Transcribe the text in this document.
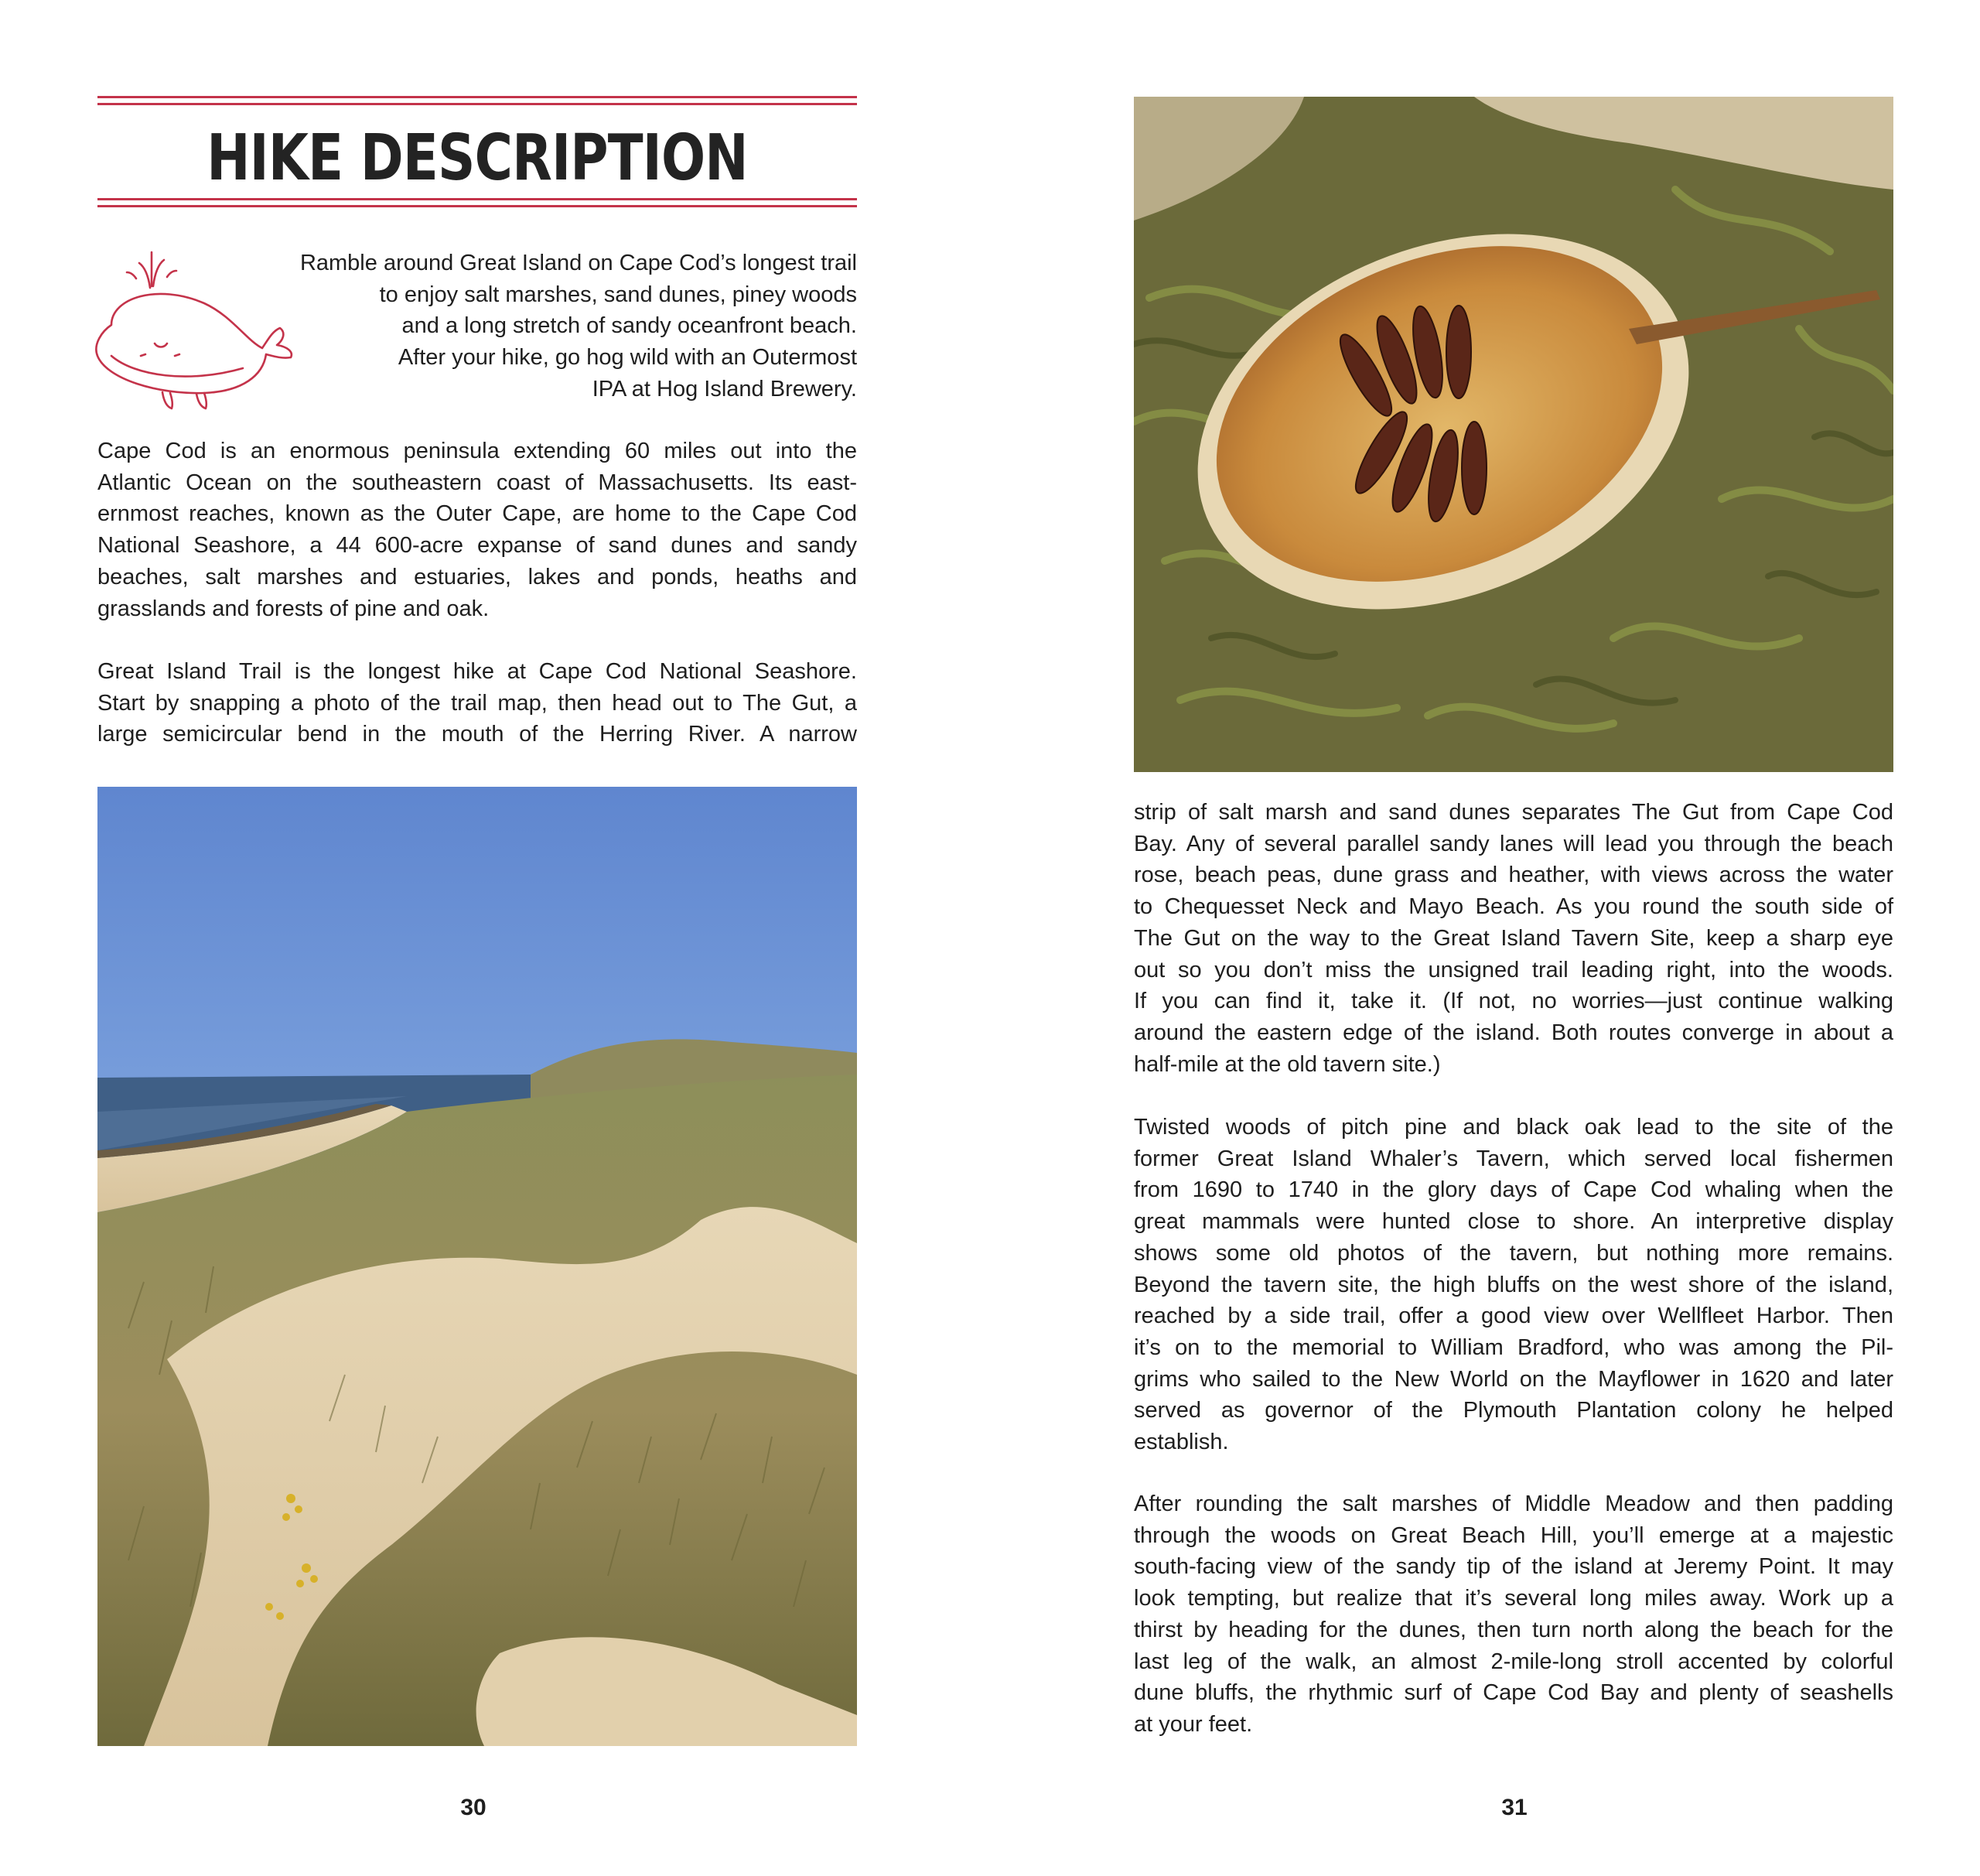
HIKE DESCRIPTION

Ramble around Great Island on Cape Cod’s longest trail
to enjoy salt marshes, sand dunes, piney woods
and a long stretch of sandy oceanfront beach.
After your hike, go hog wild with an Outermost
IPA at Hog Island Brewery.

Cape Cod is an enormous peninsula extending 60 miles out into the
Atlantic Ocean on the southeastern coast of Massachusetts. Its east-
ernmost reaches, known as the Outer Cape, are home to the Cape Cod
National Seashore, a 44 600-acre expanse of sand dunes and sandy
beaches, salt marshes and estuaries, lakes and ponds, heaths and
grasslands and forests of pine and oak.

Great Island Trail is the longest hike at Cape Cod National Seashore.
Start by snapping a photo of the trail map, then head out to The Gut, a
large semicircular bend in the mouth of the Herring River. A narrow

30

strip of salt marsh and sand dunes separates The Gut from Cape Cod
Bay. Any of several parallel sandy lanes will lead you through the beach
rose, beach peas, dune grass and heather, with views across the water
to Chequesset Neck and Mayo Beach. As you round the south side of
The Gut on the way to the Great Island Tavern Site, keep a sharp eye
out so you don’t miss the unsigned trail leading right, into the woods.
If you can find it, take it. (If not, no worries—just continue walking
around the eastern edge of the island. Both routes converge in about a
half-mile at the old tavern site.)

Twisted woods of pitch pine and black oak lead to the site of the
former Great Island Whaler’s Tavern, which served local fishermen
from 1690 to 1740 in the glory days of Cape Cod whaling when the
great mammals were hunted close to shore. An interpretive display
shows some old photos of the tavern, but nothing more remains.
Beyond the tavern site, the high bluffs on the west shore of the island,
reached by a side trail, offer a good view over Wellfleet Harbor. Then
it’s on to the memorial to William Bradford, who was among the Pil-
grims who sailed to the New World on the Mayflower in 1620 and later
served as governor of the Plymouth Plantation colony he helped
establish.

After rounding the salt marshes of Middle Meadow and then padding
through the woods on Great Beach Hill, you’ll emerge at a majestic
south-facing view of the sandy tip of the island at Jeremy Point. It may
look tempting, but realize that it’s several long miles away. Work up a
thirst by heading for the dunes, then turn north along the beach for the
last leg of the walk, an almost 2-mile-long stroll accented by colorful
dune bluffs, the rhythmic surf of Cape Cod Bay and plenty of seashells
at your feet.

31
